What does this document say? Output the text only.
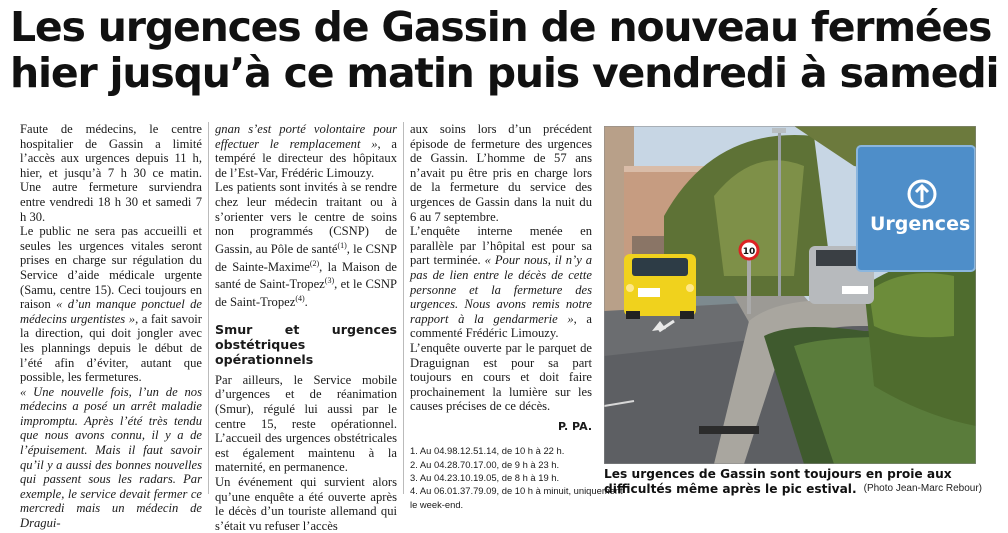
Les urgences de Gassin de nouveau fermées
hier jusqu’à ce matin puis vendredi à samedi

Faute de médecins, le centre hospitalier de Gassin a limité l’accès aux urgences depuis 11 h, hier, et jusqu’à 7 h 30 ce matin. Une autre fermeture surviendra entre vendredi 18 h 30 et samedi 7 h 30.

Le public ne sera pas accueilli et seules les urgences vitales seront prises en charge sur régulation du Service d’aide médicale urgente (Samu, centre 15). Ceci toujours en raison « d’un manque ponctuel de médecins urgentistes », a fait savoir la direction, qui doit jongler avec les plannings depuis le début de l’été afin d’éviter, autant que possible, les fermetures.

« Une nouvelle fois, l’un de nos médecins a posé un arrêt maladie impromptu. Après l’été très tendu que nous avons connu, il y a de l’épuisement. Mais il faut savoir qu’il y a aussi des bonnes nouvelles qui passent sous les radars. Par exemple, le service devait fermer ce mercredi mais un médecin de Dragui-

gnan s’est porté volontaire pour effectuer le remplacement », a tempéré le directeur des hôpitaux de l’Est-Var, Frédéric Limouzy.

Les patients sont invités à se rendre chez leur médecin traitant ou à s’orienter vers le centre de soins non programmés (CSNP) de Gassin, au Pôle de santé$^{(1)}$, le CSNP de Sainte-Maxime$^{(2)}$, la Maison de santé de Saint-Tropez$^{(3)}$, et le CSNP de Saint-Tropez$^{(4)}$.

Smur et urgences obstétriques opérationnels

Par ailleurs, le Service mobile d’urgences et de réanimation (Smur), régulé lui aussi par le centre 15, reste opérationnel. L’accueil des urgences obstétricales est également maintenu à la maternité, en permanence.

Un événement qui survient alors qu’une enquête a été ouverte après le décès d’un touriste allemand qui s’était vu refuser l’accès

aux soins lors d’un précédent épisode de fermeture des urgences de Gassin. L’homme de 57 ans n’avait pu être pris en charge lors de la fermeture du service des urgences de Gassin dans la nuit du 6 au 7 septembre.

L’enquête interne menée en parallèle par l’hôpital est pour sa part terminée. « Pour nous, il n’y a pas de lien entre le décès de cette personne et la fermeture des urgences. Nous avons remis notre rapport à la gendarmerie », a commenté Frédéric Limouzy.

L’enquête ouverte par le parquet de Draguignan est pour sa part toujours en cours et doit faire prochainement la lumière sur les causes précises de ce décès.

P. PA.
1. Au 04.98.12.51.14, de 10 h à 22 h.
2. Au 04.28.70.17.00, de 9 h à 23 h.
3. Au 04.23.10.19.05, de 8 h à 19 h.
4. Au 06.01.37.79.09, de 10 h à minuit, uniquement
le week-end.
10
Urgences
Les urgences de Gassin sont toujours en proie aux difficultés même après le pic estival. (Photo Jean-Marc Rebour)
